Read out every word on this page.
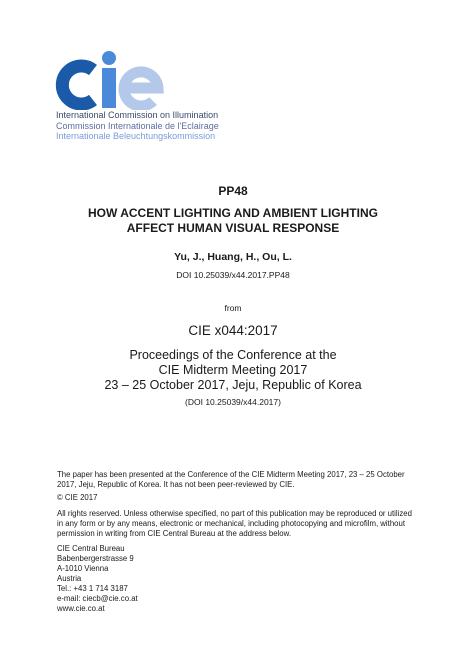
International Commission on Illumination
Commission Internationale de l'Eclairage
Internationale Beleuchtungskommission
PP48
HOW ACCENT LIGHTING AND AMBIENT LIGHTING
AFFECT HUMAN VISUAL RESPONSE
Yu, J., Huang, H., Ou, L.
DOI 10.25039/x44.2017.PP48
from
CIE x044:2017
Proceedings of the Conference at the
CIE Midterm Meeting 2017
23 – 25 October 2017, Jeju, Republic of Korea
(DOI 10.25039/x44.2017)
The paper has been presented at the Conference of the CIE Midterm Meeting 2017, 23 – 25 October 2017, Jeju, Republic of Korea. It has not been peer-reviewed by CIE.
© CIE 2017
All rights reserved. Unless otherwise specified, no part of this publication may be reproduced or utilized in any form or by any means, electronic or mechanical, including photocopying and microfilm, without permission in writing from CIE Central Bureau at the address below.
CIE Central Bureau
Babenbergerstrasse 9
A-1010 Vienna
Austria
Tel.: +43 1 714 3187
e-mail: ciecb@cie.co.at
www.cie.co.at
